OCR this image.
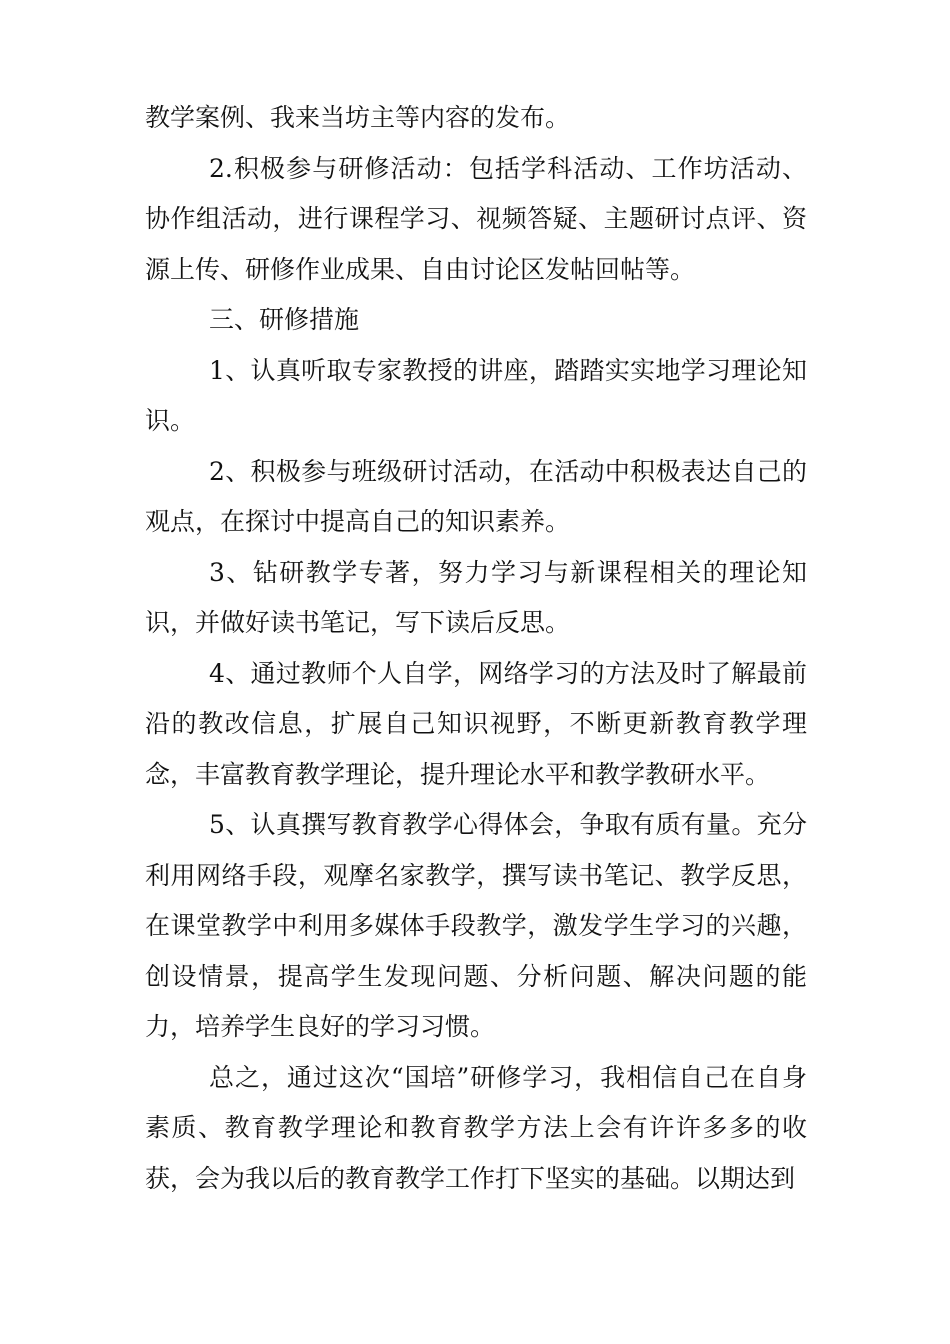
教学案例、我来当坊主等内容的发布。

2.积极参与研修活动：包括学科活动、工作坊活动、协作组活动，进行课程学习、视频答疑、主题研讨点评、资源上传、研修作业成果、自由讨论区发帖回帖等。

三、研修措施

1、认真听取专家教授的讲座，踏踏实实地学习理论知识。

2、积极参与班级研讨活动，在活动中积极表达自己的观点，在探讨中提高自己的知识素养。

3、钻研教学专著，努力学习与新课程相关的理论知识，并做好读书笔记，写下读后反思。

4、通过教师个人自学，网络学习的方法及时了解最前沿的教改信息，扩展自己知识视野，不断更新教育教学理念，丰富教育教学理论，提升理论水平和教学教研水平。

5、认真撰写教育教学心得体会，争取有质有量。充分利用网络手段，观摩名家教学，撰写读书笔记、教学反思，在课堂教学中利用多媒体手段教学，激发学生学习的兴趣，创设情景，提高学生发现问题、分析问题、解决问题的能力，培养学生良好的学习习惯。

总之，通过这次“国培”研修学习，我相信自己在自身素质、教育教学理论和教育教学方法上会有许许多多的收获，会为我以后的教育教学工作打下坚实的基础。以期达到
